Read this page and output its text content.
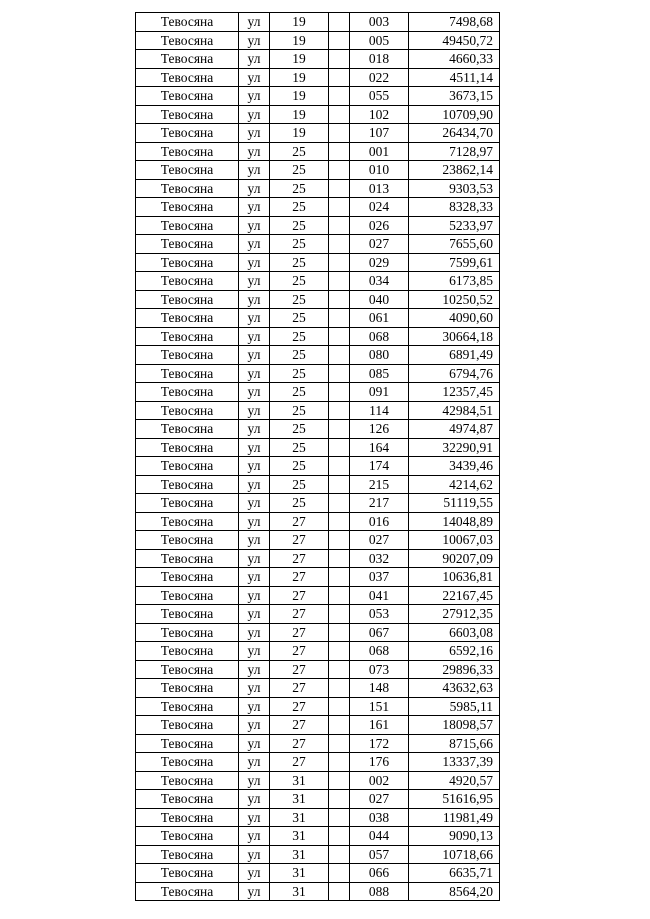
Тевосяна	ул	19		003	7498,68
Тевосяна	ул	19		005	49450,72
Тевосяна	ул	19		018	4660,33
Тевосяна	ул	19		022	4511,14
Тевосяна	ул	19		055	3673,15
Тевосяна	ул	19		102	10709,90
Тевосяна	ул	19		107	26434,70
Тевосяна	ул	25		001	7128,97
Тевосяна	ул	25		010	23862,14
Тевосяна	ул	25		013	9303,53
Тевосяна	ул	25		024	8328,33
Тевосяна	ул	25		026	5233,97
Тевосяна	ул	25		027	7655,60
Тевосяна	ул	25		029	7599,61
Тевосяна	ул	25		034	6173,85
Тевосяна	ул	25		040	10250,52
Тевосяна	ул	25		061	4090,60
Тевосяна	ул	25		068	30664,18
Тевосяна	ул	25		080	6891,49
Тевосяна	ул	25		085	6794,76
Тевосяна	ул	25		091	12357,45
Тевосяна	ул	25		114	42984,51
Тевосяна	ул	25		126	4974,87
Тевосяна	ул	25		164	32290,91
Тевосяна	ул	25		174	3439,46
Тевосяна	ул	25		215	4214,62
Тевосяна	ул	25		217	51119,55
Тевосяна	ул	27		016	14048,89
Тевосяна	ул	27		027	10067,03
Тевосяна	ул	27		032	90207,09
Тевосяна	ул	27		037	10636,81
Тевосяна	ул	27		041	22167,45
Тевосяна	ул	27		053	27912,35
Тевосяна	ул	27		067	6603,08
Тевосяна	ул	27		068	6592,16
Тевосяна	ул	27		073	29896,33
Тевосяна	ул	27		148	43632,63
Тевосяна	ул	27		151	5985,11
Тевосяна	ул	27		161	18098,57
Тевосяна	ул	27		172	8715,66
Тевосяна	ул	27		176	13337,39
Тевосяна	ул	31		002	4920,57
Тевосяна	ул	31		027	51616,95
Тевосяна	ул	31		038	11981,49
Тевосяна	ул	31		044	9090,13
Тевосяна	ул	31		057	10718,66
Тевосяна	ул	31		066	6635,71
Тевосяна	ул	31		088	8564,20
